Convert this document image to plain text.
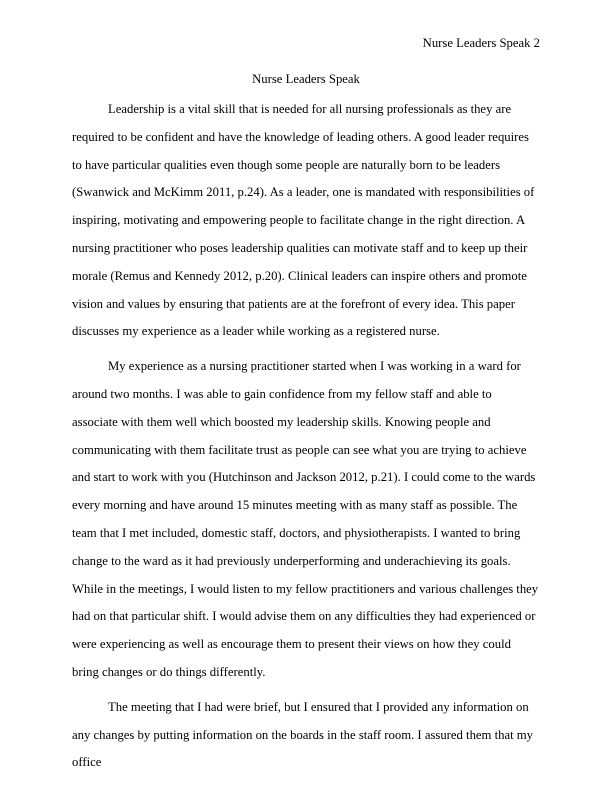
Nurse Leaders Speak 2
Nurse Leaders Speak

Leadership is a vital skill that is needed for all nursing professionals as they are required to be confident and have the knowledge of leading others. A good leader requires to have particular qualities even though some people are naturally born to be leaders (Swanwick and McKimm 2011, p.24). As a leader, one is mandated with responsibilities of inspiring, motivating and empowering people to facilitate change in the right direction. A nursing practitioner who poses leadership qualities can motivate staff and to keep up their morale (Remus and Kennedy 2012, p.20). Clinical leaders can inspire others and promote vision and values by ensuring that patients are at the forefront of every idea. This paper discusses my experience as a leader while working as a registered nurse.

My experience as a nursing practitioner started when I was working in a ward for around two months. I was able to gain confidence from my fellow staff and able to associate with them well which boosted my leadership skills. Knowing people and communicating with them facilitate trust as people can see what you are trying to achieve and start to work with you (Hutchinson and Jackson 2012, p.21). I could come to the wards every morning and have around 15 minutes meeting with as many staff as possible. The team that I met included, domestic staff, doctors, and physiotherapists. I wanted to bring change to the ward as it had previously underperforming and underachieving its goals. While in the meetings, I would listen to my fellow practitioners and various challenges they had on that particular shift. I would advise them on any difficulties they had experienced or were experiencing as well as encourage them to present their views on how they could bring changes or do things differently.

The meeting that I had were brief, but I ensured that I provided any information on any changes by putting information on the boards in the staff room. I assured them that my office
